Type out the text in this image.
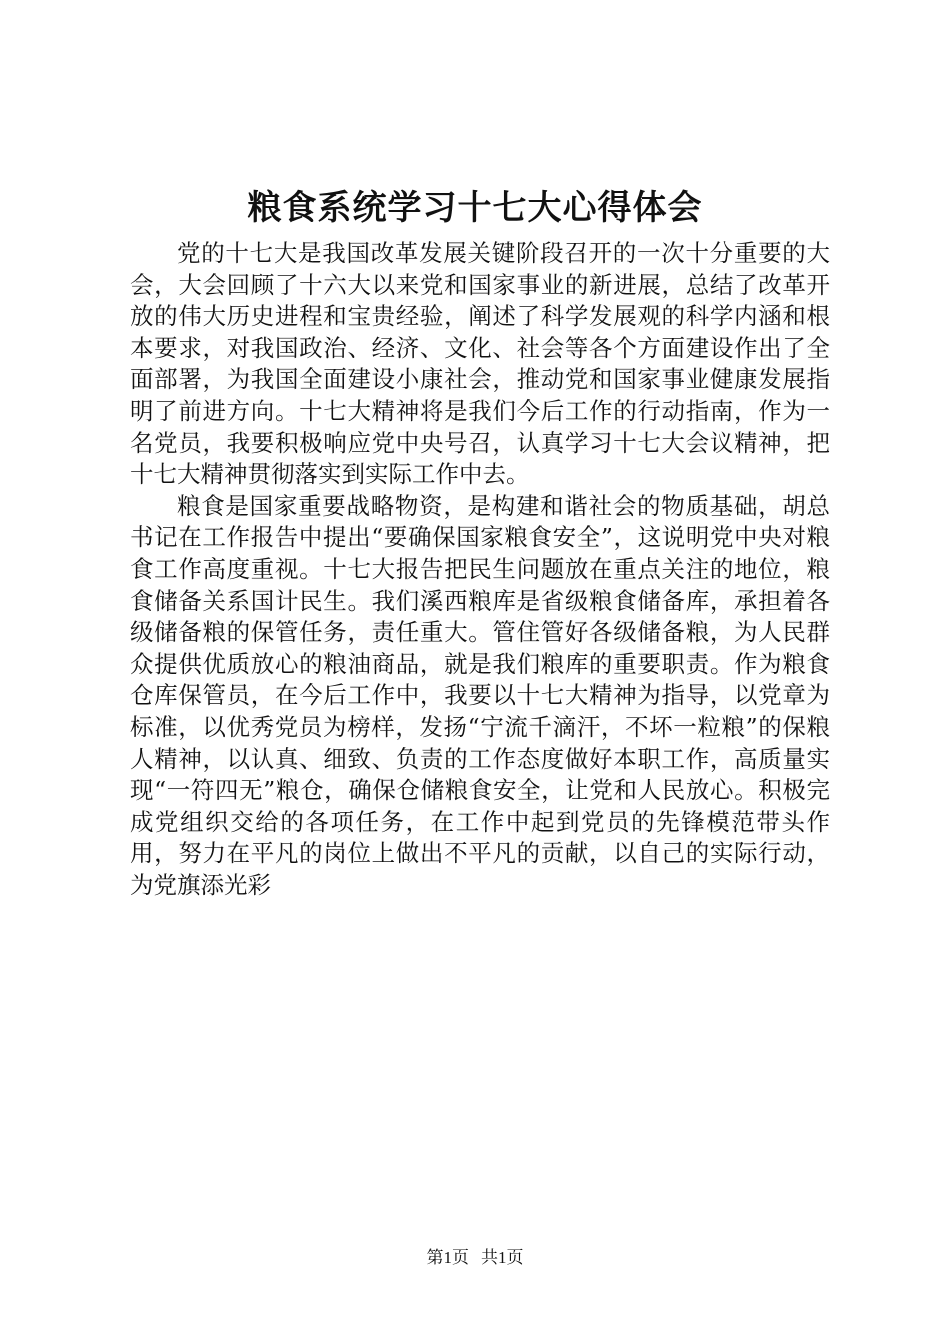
粮食系统学习十七大心得体会

党的十七大是我国改革发展关键阶段召开的一次十分重要的大会，大会回顾了十六大以来党和国家事业的新进展，总结了改革开放的伟大历史进程和宝贵经验，阐述了科学发展观的科学内涵和根本要求，对我国政治、经济、文化、社会等各个方面建设作出了全面部署，为我国全面建设小康社会，推动党和国家事业健康发展指明了前进方向。十七大精神将是我们今后工作的行动指南，作为一名党员，我要积极响应党中央号召，认真学习十七大会议精神，把十七大精神贯彻落实到实际工作中去。

粮食是国家重要战略物资，是构建和谐社会的物质基础，胡总书记在工作报告中提出“要确保国家粮食安全”，这说明党中央对粮食工作高度重视。十七大报告把民生问题放在重点关注的地位，粮食储备关系国计民生。我们溪西粮库是省级粮食储备库，承担着各级储备粮的保管任务，责任重大。管住管好各级储备粮，为人民群众提供优质放心的粮油商品，就是我们粮库的重要职责。作为粮食仓库保管员，在今后工作中，我要以十七大精神为指导，以党章为标准，以优秀党员为榜样，发扬“宁流千滴汗，不坏一粒粮”的保粮人精神，以认真、细致、负责的工作态度做好本职工作，高质量实现“一符四无”粮仓，确保仓储粮食安全，让党和人民放心。积极完成党组织交给的各项任务，在工作中起到党员的先锋模范带头作用，努力在平凡的岗位上做出不平凡的贡献，以自己的实际行动，为党旗添光彩

第1页 共1页
